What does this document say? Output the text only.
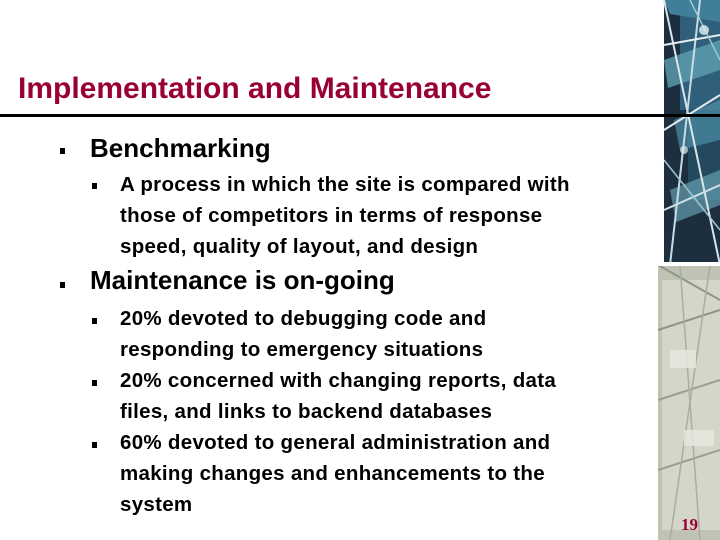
Implementation and Maintenance
Benchmarking
A process in which the site is compared with
those of competitors in terms of response
speed, quality of layout, and design
Maintenance is on-going
20% devoted to debugging code and
responding to emergency situations
20% concerned with changing reports, data
files, and links to backend databases
60% devoted to general administration and
making changes and enhancements to the
system
19
